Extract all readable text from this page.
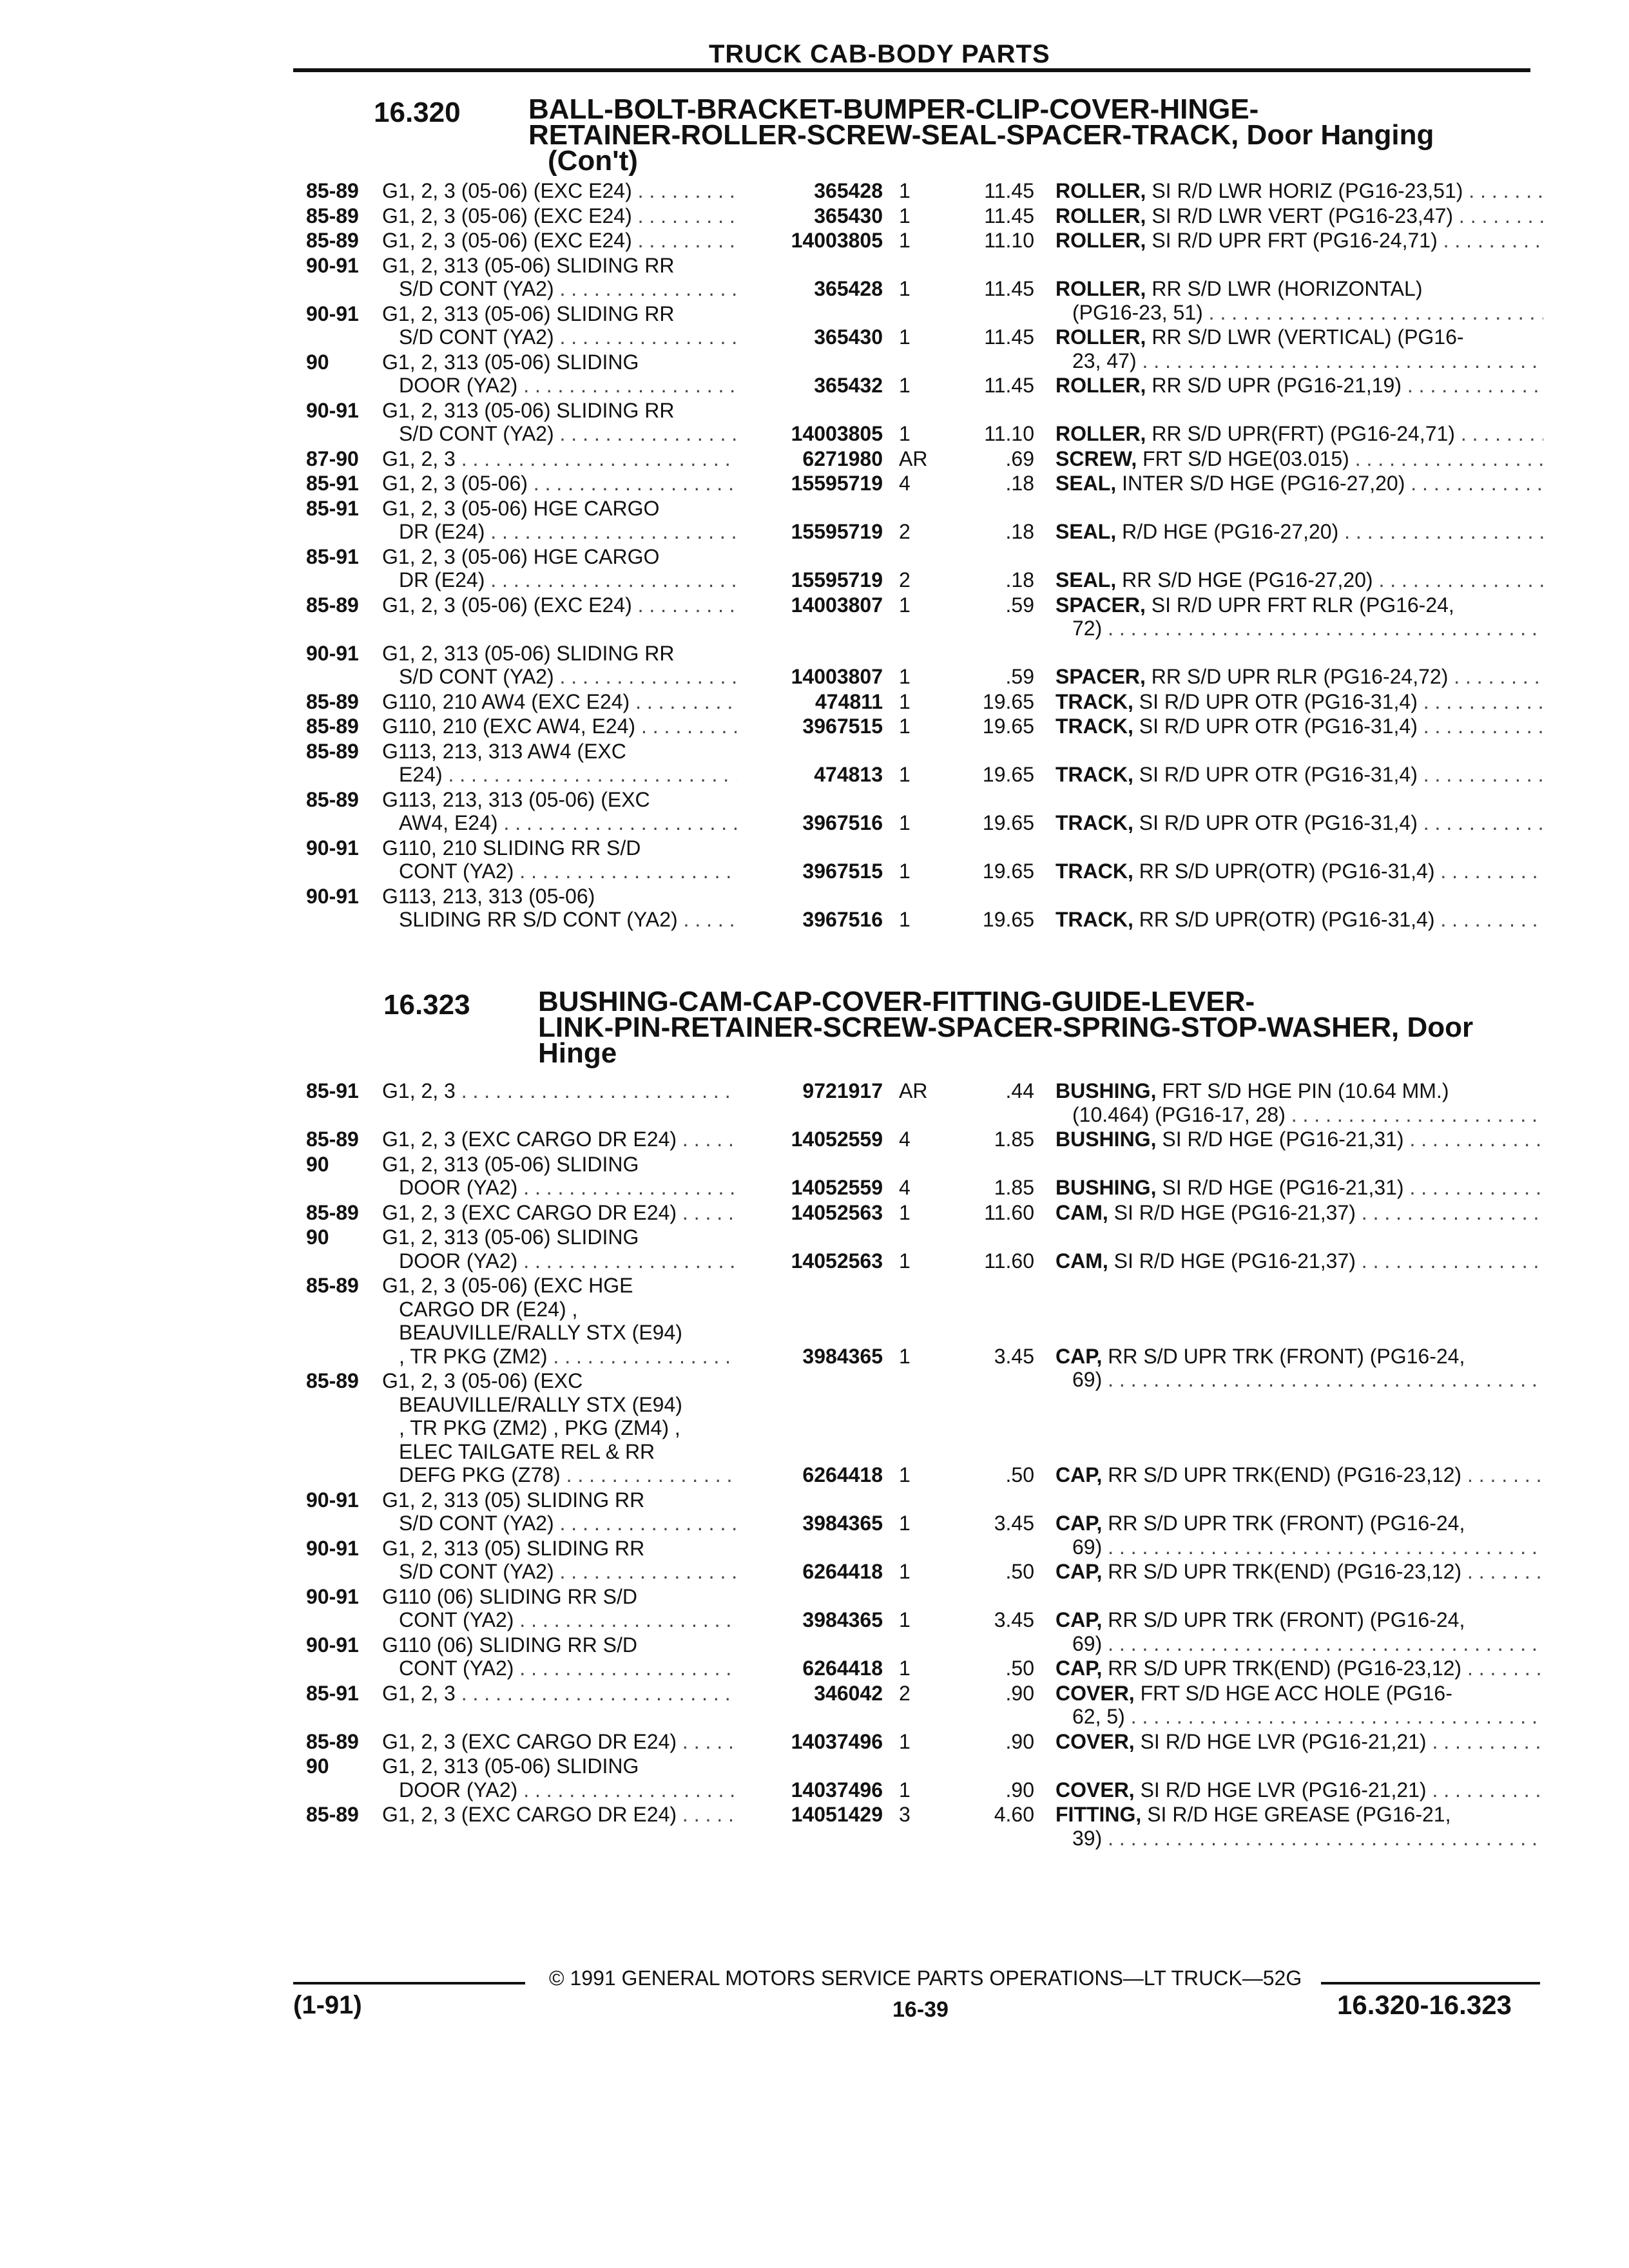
TRUCK CAB-BODY PARTS
16.320 BALL-BOLT-BRACKET-BUMPER-CLIP-COVER-HINGE-
RETAINER-ROLLER-SCREW-SEAL-SPACER-TRACK, Door Hanging
(Con't)
85-89 G1, 2, 3 (05-06) (EXC E24) . . .	365428 1	11.45 ROLLER, SI R/D LWR HORIZ (PG16-23,51) . . .
85-89 G1, 2, 3 (05-06) (EXC E24) . . .	365430 1	11.45 ROLLER, SI R/D LWR VERT (PG16-23,47) . . .
85-89 G1, 2, 3 (05-06) (EXC E24) . . .	14003805 1	11.10 ROLLER, SI R/D UPR FRT (PG16-24,71) . . .
90-91 G1, 2, 313 (05-06) SLIDING RR
S/D CONT (YA2) . . .	365428 1	11.45 ROLLER, RR S/D LWR (HORIZONTAL)
(PG16-23, 51) . . .
90-91 G1, 2, 313 (05-06) SLIDING RR
S/D CONT (YA2) . . .	365430 1	11.45 ROLLER, RR S/D LWR (VERTICAL) (PG16-
23, 47) . . .
90	G1, 2, 313 (05-06) SLIDING
DOOR (YA2) . . .	365432 1	11.45 ROLLER, RR S/D UPR (PG16-21,19) . . .
90-91 G1, 2, 313 (05-06) SLIDING RR
S/D CONT (YA2) . . .	14003805 1	11.10 ROLLER, RR S/D UPR(FRT) (PG16-24,71) . . .
87-90 G1, 2, 3 . . .	6271980 AR	.69 SCREW, FRT S/D HGE(03.015) . . .
85-91 G1, 2, 3 (05-06) . . .	15595719 4	.18 SEAL, INTER S/D HGE (PG16-27,20) . . .
85-91 G1, 2, 3 (05-06) HGE CARGO
DR (E24) . . .	15595719 2	.18 SEAL, R/D HGE (PG16-27,20) . . .
85-91 G1, 2, 3 (05-06) HGE CARGO
DR (E24) . . .	15595719 2	.18 SEAL, RR S/D HGE (PG16-27,20) . . .
85-89 G1, 2, 3 (05-06) (EXC E24) . . .	14003807 1	.59 SPACER, SI R/D UPR FRT RLR (PG16-24,
72) . . .
90-91 G1, 2, 313 (05-06) SLIDING RR
S/D CONT (YA2) . . .	14003807 1	.59 SPACER, RR S/D UPR RLR (PG16-24,72) . . .
85-89 G110, 210 AW4 (EXC E24) . . .	474811 1	19.65 TRACK, SI R/D UPR OTR (PG16-31,4) . . .
85-89 G110, 210 (EXC AW4, E24) . . .	3967515 1	19.65 TRACK, SI R/D UPR OTR (PG16-31,4) . . .
85-89 G113, 213, 313 AW4 (EXC
E24) . . .	474813 1	19.65 TRACK, SI R/D UPR OTR (PG16-31,4) . . .
85-89 G113, 213, 313 (05-06) (EXC
AW4, E24) . . .	3967516 1	19.65 TRACK, SI R/D UPR OTR (PG16-31,4) . . .
90-91 G110, 210 SLIDING RR S/D
CONT (YA2) . . .	3967515 1	19.65 TRACK, RR S/D UPR(OTR) (PG16-31,4) . . .
90-91 G113, 213, 313 (05-06)
SLIDING RR S/D CONT (YA2) . . .	3967516 1	19.65 TRACK, RR S/D UPR(OTR) (PG16-31,4) . . .
16.323 BUSHING-CAM-CAP-COVER-FITTING-GUIDE-LEVER-
LINK-PIN-RETAINER-SCREW-SPACER-SPRING-STOP-WASHER, Door
Hinge
85-91 G1, 2, 3 . . .	9721917 AR	.44 BUSHING, FRT S/D HGE PIN (10.64 MM.)
(10.464) (PG16-17, 28) . . .
85-89 G1, 2, 3 (EXC CARGO DR E24) . . .	14052559 4	1.85 BUSHING, SI R/D HGE (PG16-21,31) . . .
90	G1, 2, 313 (05-06) SLIDING
DOOR (YA2) . . .	14052559 4	1.85 BUSHING, SI R/D HGE (PG16-21,31) . . .
85-89 G1, 2, 3 (EXC CARGO DR E24) . . .	14052563 1	11.60 CAM, SI R/D HGE (PG16-21,37) . . .
90	G1, 2, 313 (05-06) SLIDING
DOOR (YA2) . . .	14052563 1	11.60 CAM, SI R/D HGE (PG16-21,37) . . .
85-89 G1, 2, 3 (05-06) (EXC HGE
CARGO DR (E24) ,
BEAUVILLE/RALLY STX (E94)
, TR PKG (ZM2) . . .	3984365 1	3.45 CAP, RR S/D UPR TRK (FRONT) (PG16-24,
69) . . .
85-89 G1, 2, 3 (05-06) (EXC
BEAUVILLE/RALLY STX (E94)
, TR PKG (ZM2) , PKG (ZM4) ,
ELEC TAILGATE REL & RR
DEFG PKG (Z78) . . .	6264418 1	.50 CAP, RR S/D UPR TRK(END) (PG16-23,12) . . .
90-91 G1, 2, 313 (05) SLIDING RR
S/D CONT (YA2) . . .	3984365 1	3.45 CAP, RR S/D UPR TRK (FRONT) (PG16-24,
69) . . .
90-91 G1, 2, 313 (05) SLIDING RR
S/D CONT (YA2) . . .	6264418 1	.50 CAP, RR S/D UPR TRK(END) (PG16-23,12) . . .
90-91 G110 (06) SLIDING RR S/D
CONT (YA2) . . .	3984365 1	3.45 CAP, RR S/D UPR TRK (FRONT) (PG16-24,
69) . . .
90-91 G110 (06) SLIDING RR S/D
CONT (YA2) . . .	6264418 1	.50 CAP, RR S/D UPR TRK(END) (PG16-23,12) . . .
85-91 G1, 2, 3 . . .	346042 2	.90 COVER, FRT S/D HGE ACC HOLE (PG16-
62, 5) . . .
85-89 G1, 2, 3 (EXC CARGO DR E24) . . .	14037496 1	.90 COVER, SI R/D HGE LVR (PG16-21,21) . . .
90	G1, 2, 313 (05-06) SLIDING
DOOR (YA2) . . .	14037496 1	.90 COVER, SI R/D HGE LVR (PG16-21,21) . . .
85-89 G1, 2, 3 (EXC CARGO DR E24) . . .	14051429 3	4.60 FITTING, SI R/D HGE GREASE (PG16-21,
39) . . .
© 1991 GENERAL MOTORS SERVICE PARTS OPERATIONS—LT TRUCK—52G
(1-91)	16-39	16.320-16.323
